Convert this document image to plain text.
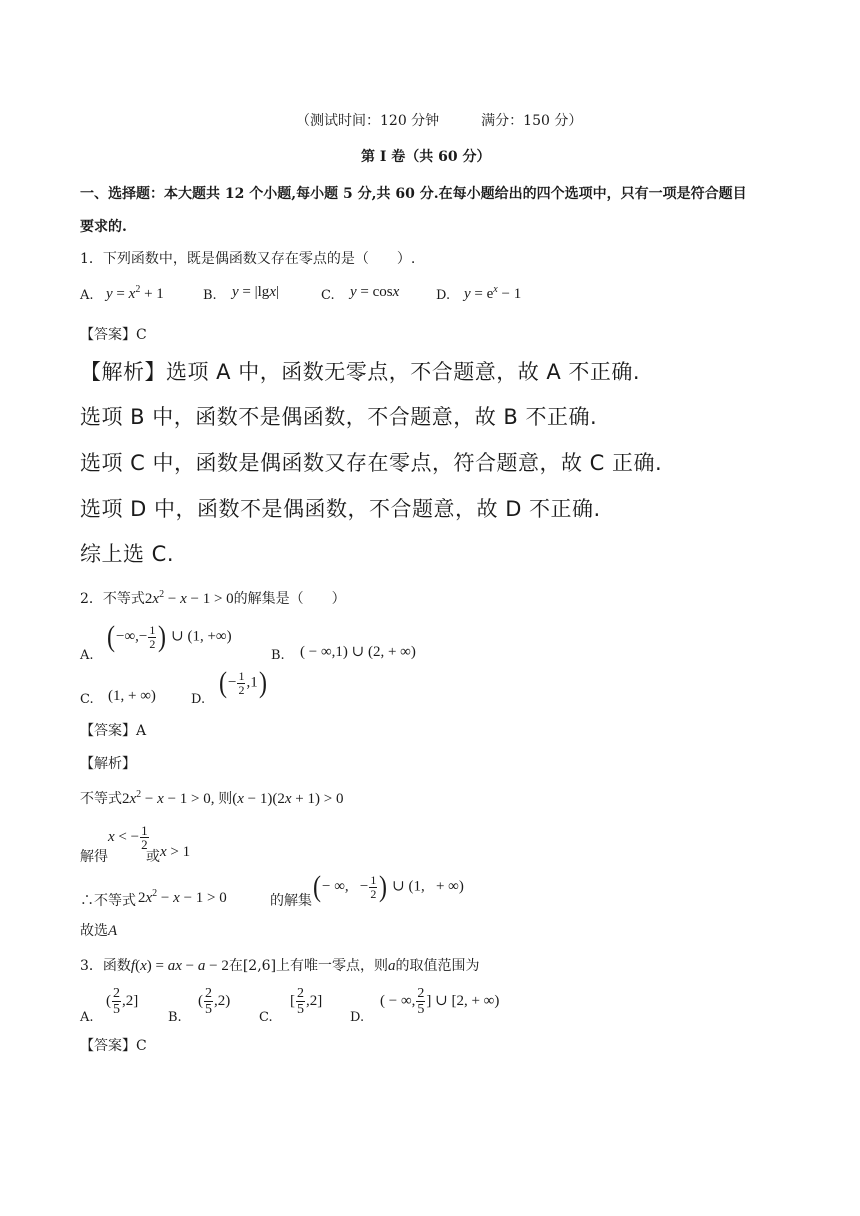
（测试时间：120 分钟　　　满分：150 分）
第 I 卷（共 60 分）
一、选择题：本大题共 12 个小题,每小题 5 分,共 60 分.在每小题给出的四个选项中，只有一项是符合题目
要求的.
1．下列函数中，既是偶函数又存在零点的是（　　）.
A. $y = x^2 + 1$	B. y = |lgx|	C. y = cosx	D. $y = e^x - 1$
【答案】C
【解析】选项 A 中，函数无零点，不合题意，故 A 不正确.
选项 B 中，函数不是偶函数，不合题意，故 B 不正确.
选项 C 中，函数是偶函数又存在零点，符合题意，故 C 正确.
选项 D 中，函数不是偶函数，不合题意，故 D 不正确.
综上选 C.
2．不等式$2x^2 - x - 1 > 0$的解集是（　　）
A.
(−∞,− $\frac{1}{2}$ ) ∪ (1, +∞)
B. ( − ∞,1) ∪ (2, + ∞)
C. (1, + ∞)	D.
(− $\frac{1}{2} ,1$)
【答案】A
【解析】
不等式$2x^2 - x - 1 > 0$, 则(x − 1)(2x + 1) > 0
解得
x < − $\frac{1}{2}$
或 x > 1
∴不等式 $2x^2 - x - 1 > 0$	的解集 (− ∞,   − $\frac{1}{2}$ ) ∪ (1,   + ∞)
故选A
3．函数f(x) = ax − a − 2在[2,6]上有唯一零点，则a的取值范围为
A.
( $\frac{2}{5} ,2$]
B.
( $\frac{2}{5} ,2$)
C.
[ $\frac{2}{5} ,2$]
D.
( − ∞, $\frac{2}{5}$ ] ∪ [2, + ∞)
【答案】C
